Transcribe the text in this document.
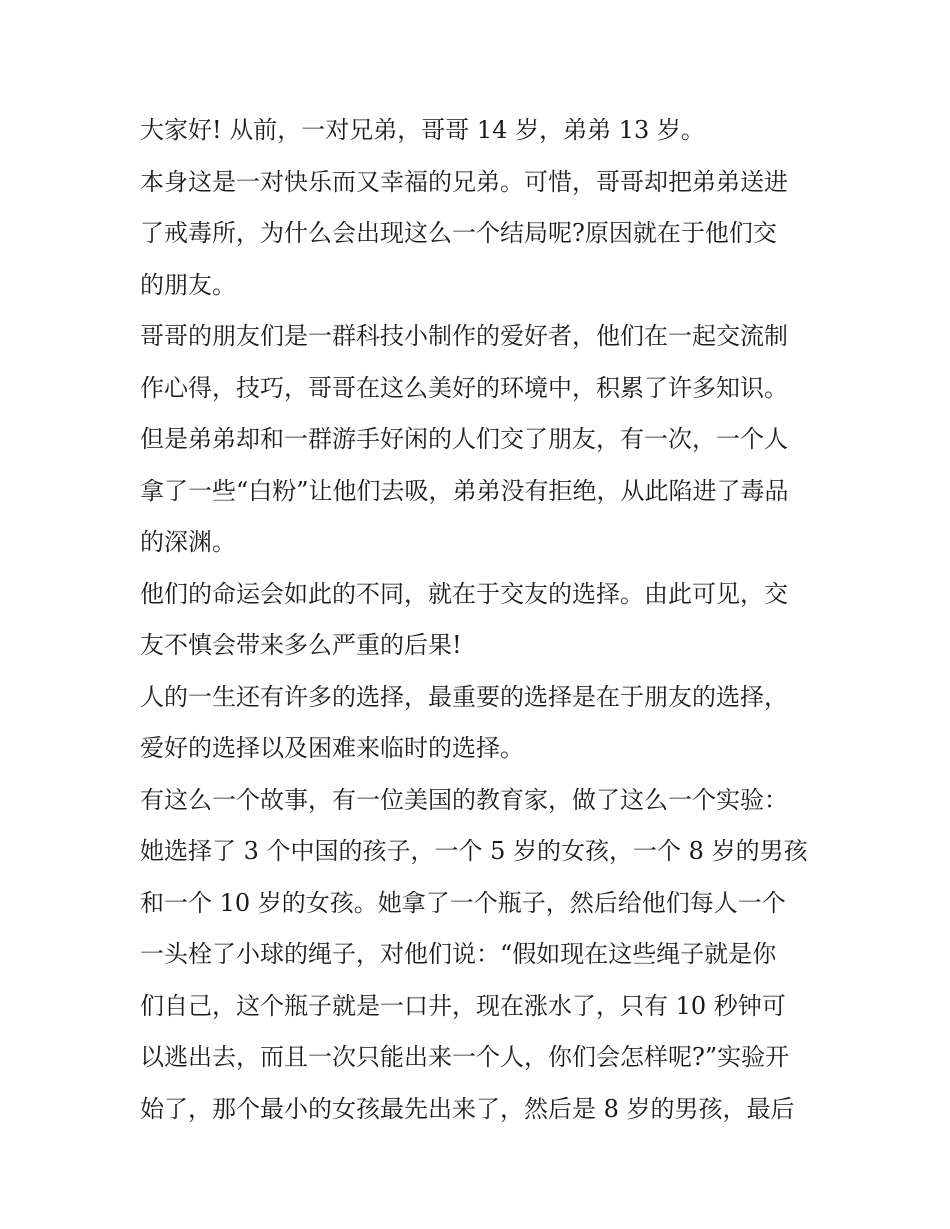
大家好! 从前，一对兄弟，哥哥 14 岁，弟弟 13 岁。
本身这是一对快乐而又幸福的兄弟。可惜，哥哥却把弟弟送进
了戒毒所，为什么会出现这么一个结局呢?原因就在于他们交
的朋友。
哥哥的朋友们是一群科技小制作的爱好者，他们在一起交流制
作心得，技巧，哥哥在这么美好的环境中，积累了许多知识。
但是弟弟却和一群游手好闲的人们交了朋友，有一次，一个人
拿了一些“白粉”让他们去吸，弟弟没有拒绝，从此陷进了毒品
的深渊。
他们的命运会如此的不同，就在于交友的选择。由此可见，交
友不慎会带来多么严重的后果!
人的一生还有许多的选择，最重要的选择是在于朋友的选择，
爱好的选择以及困难来临时的选择。
有这么一个故事，有一位美国的教育家，做了这么一个实验：
她选择了 3 个中国的孩子，一个 5 岁的女孩，一个 8 岁的男孩
和一个 10 岁的女孩。她拿了一个瓶子，然后给他们每人一个
一头栓了小球的绳子，对他们说：“假如现在这些绳子就是你
们自己，这个瓶子就是一口井，现在涨水了，只有 10 秒钟可
以逃出去，而且一次只能出来一个人，你们会怎样呢?”实验开
始了，那个最小的女孩最先出来了，然后是 8 岁的男孩，最后
